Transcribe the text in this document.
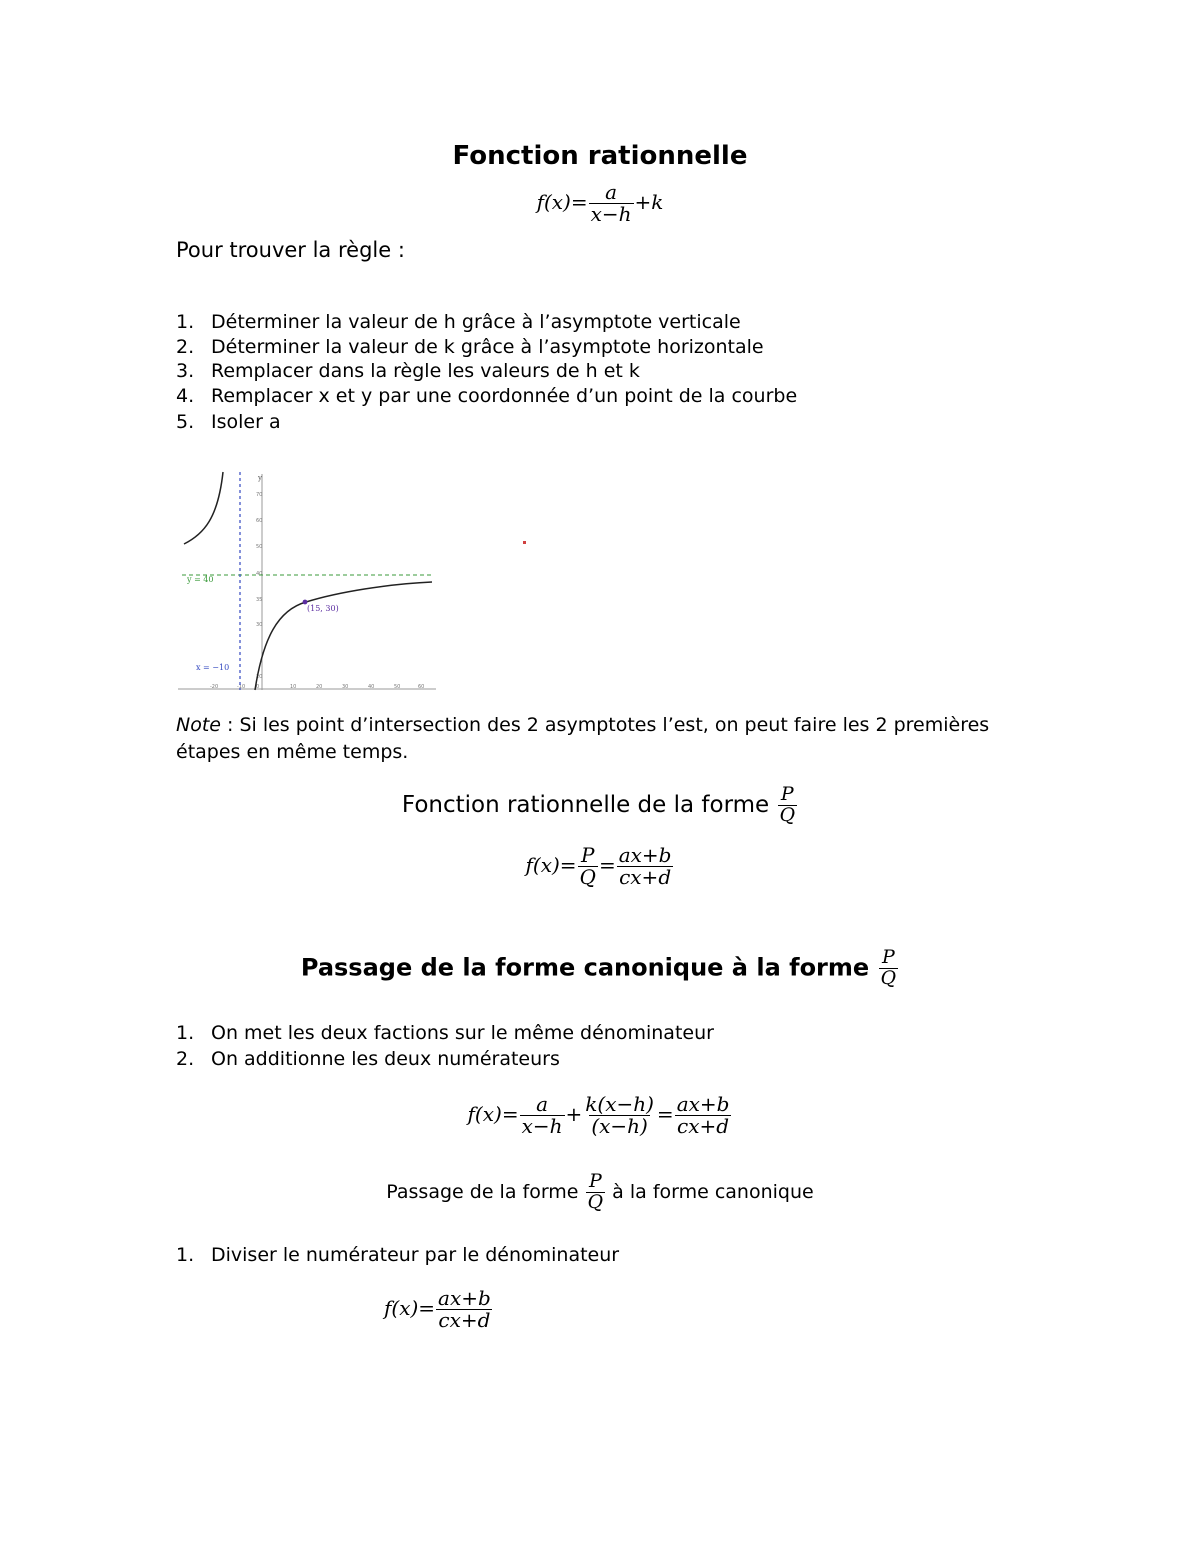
Fonction rationnelle
$f(x)= \frac{a}{x-h} +k$
Pour trouver la règle :
1. Déterminer la valeur de h grâce à l’asymptote verticale
2. Déterminer la valeur de k grâce à l’asymptote horizontale
3. Remplacer dans la règle les valeurs de h et k
4. Remplacer x et y par une coordonnée d’un point de la courbe
5. Isoler a
y
70
60
50
40
35
30
20
-20	-10 0	10	20	30	40	50	60
y = 40
x = −10
(15, 30)
Note : Si les point d’intersection des 2 asymptotes l’est, on peut faire les 2 premières étapes en même temps.
Fonction rationnelle de la forme $\frac{P}{Q}$
$f(x)= \frac{P}{Q} = \frac{ax+b}{cx+d}$
Passage de la forme canonique à la forme $\frac{P}{Q}$
1. On met les deux factions sur le même dénominateur
2. On additionne les deux numérateurs
$f(x)= \frac{a}{x-h} + \frac{k(x-h)}{(x-h)} = \frac{ax+b}{cx+d}$
Passage de la forme $\frac{P}{Q}$ à la forme canonique
1. Diviser le numérateur par le dénominateur
$f(x)= \frac{ax+b}{cx+d}$
